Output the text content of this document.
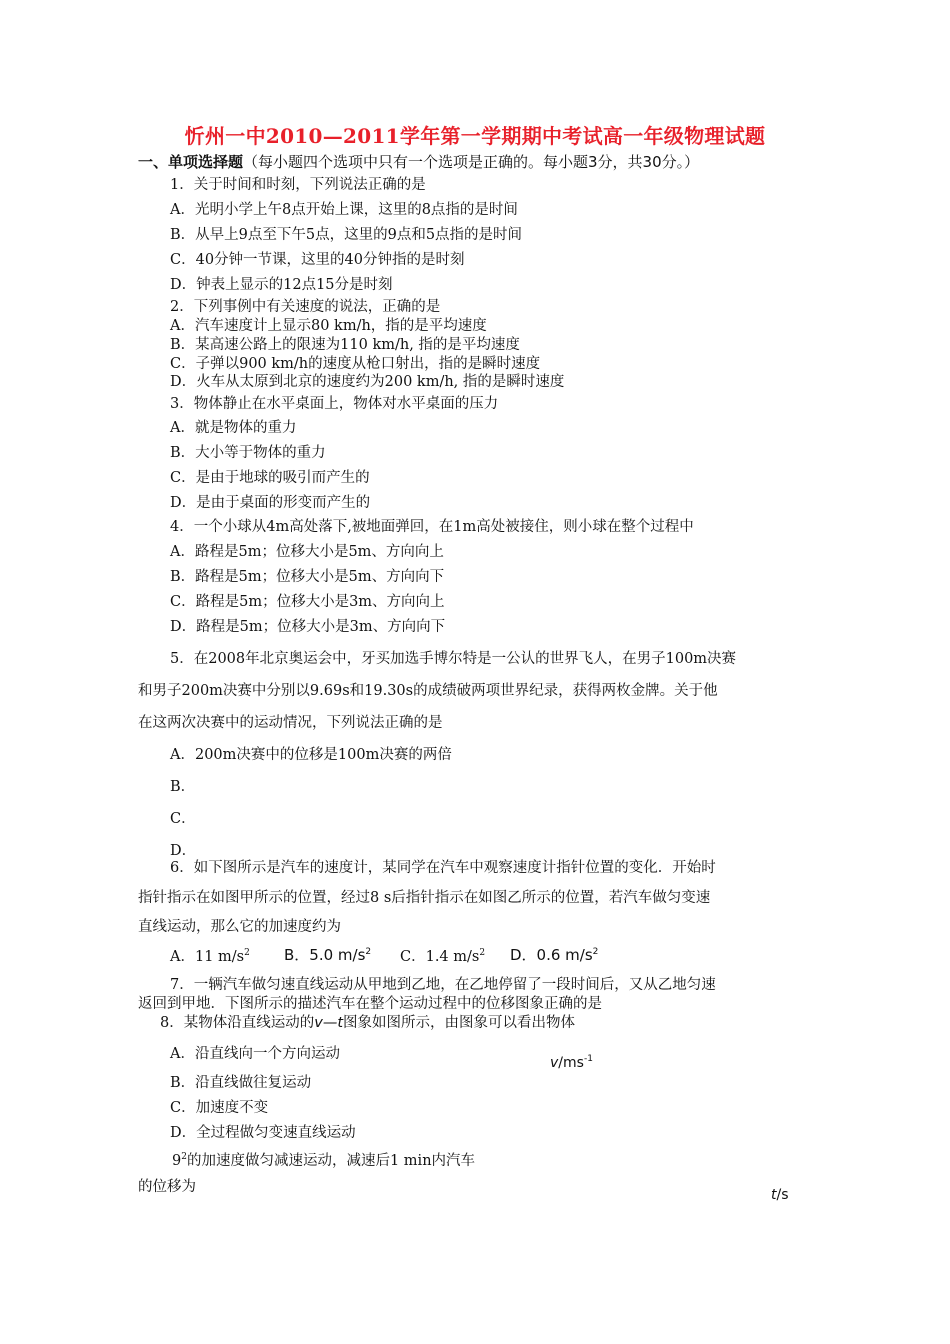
忻州一中2010—2011学年第一学期期中考试高一年级物理试题
一、单项选择题（每小题四个选项中只有一个选项是正确的。每小题3分，共30分。）
1．关于时间和时刻，下列说法正确的是
A．光明小学上午8点开始上课，这里的8点指的是时间
B．从早上9点至下午5点，这里的9点和5点指的是时间
C．40分钟一节课，这里的40分钟指的是时刻
D．钟表上显示的12点15分是时刻
2．下列事例中有关速度的说法，正确的是
A．汽车速度计上显示80 km/h，指的是平均速度
B．某高速公路上的限速为110 km/h, 指的是平均速度
C．子弹以900 km/h的速度从枪口射出，指的是瞬时速度
D．火车从太原到北京的速度约为200 km/h, 指的是瞬时速度
3．物体静止在水平桌面上，物体对水平桌面的压力
A．就是物体的重力
B．大小等于物体的重力
C．是由于地球的吸引而产生的
D．是由于桌面的形变而产生的
4．一个小球从4m高处落下,被地面弹回，在1m高处被接住，则小球在整个过程中
A．路程是5m；位移大小是5m、方向向上
B．路程是5m；位移大小是5m、方向向下
C．路程是5m；位移大小是3m、方向向上
D．路程是5m；位移大小是3m、方向向下
5．在2008年北京奥运会中，牙买加选手博尔特是一公认的世界飞人，在男子100m决赛
和男子200m决赛中分别以9.69s和19.30s的成绩破两项世界纪录，获得两枚金牌。关于他
在这两次决赛中的运动情况，下列说法正确的是
A．200m决赛中的位移是100m决赛的两倍
B．
C．
D．
6．如下图所示是汽车的速度计，某同学在汽车中观察速度计指针位置的变化．开始时
指针指示在如图甲所示的位置，经过8 s后指针指示在如图乙所示的位置，若汽车做匀变速
直线运动，那么它的加速度约为
A．11 $m/s^2$ B．5.0 $m/s^2$ C．1.4 $m/s^2$ D．0.6 $m/s^2$
7．一辆汽车做匀速直线运动从甲地到乙地，在乙地停留了一段时间后，又从乙地匀速
返回到甲地．下图所示的描述汽车在整个运动过程中的位移图象正确的是
8．某物体沿直线运动的v—t图象如图所示，由图象可以看出物体
A．沿直线向一个方向运动
B．沿直线做往复运动
C．加速度不变
D．全过程做匀变速直线运动
$9^2$的加速度做匀减速运动，减速后1 min内汽车
的位移为
$v/ms^{-1}$
t/s
